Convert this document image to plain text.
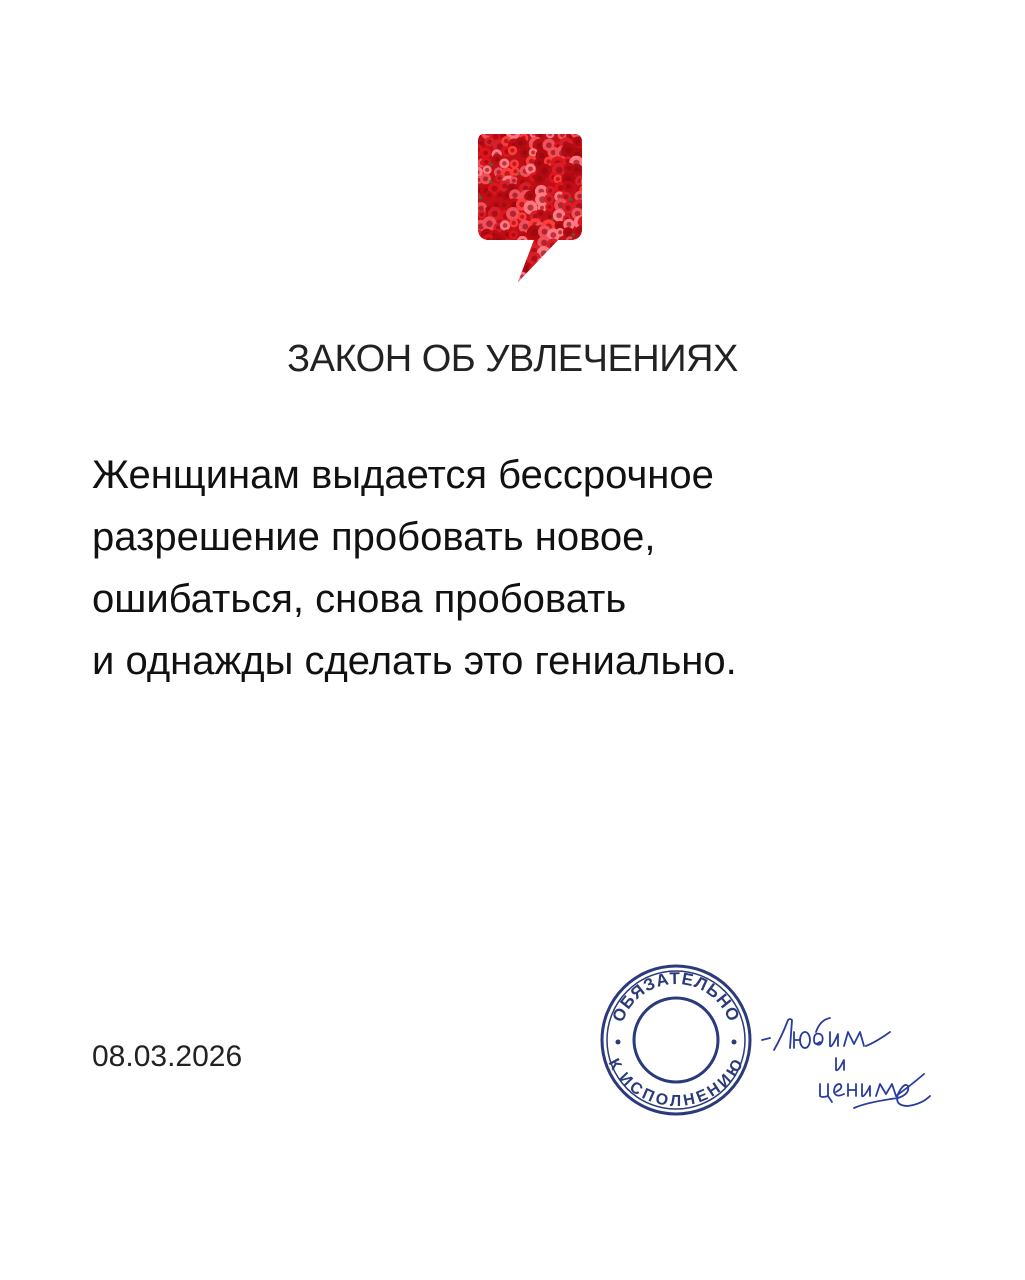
ЗАКОН ОБ УВЛЕЧЕНИЯХ
Женщинам выдается бессрочное
разрешение пробовать новое,
ошибаться, снова пробовать
и однажды сделать это гениально.
08.03.2026
ОБЯЗАТЕЛЬНО
К ИСПОЛНЕНИЮ
